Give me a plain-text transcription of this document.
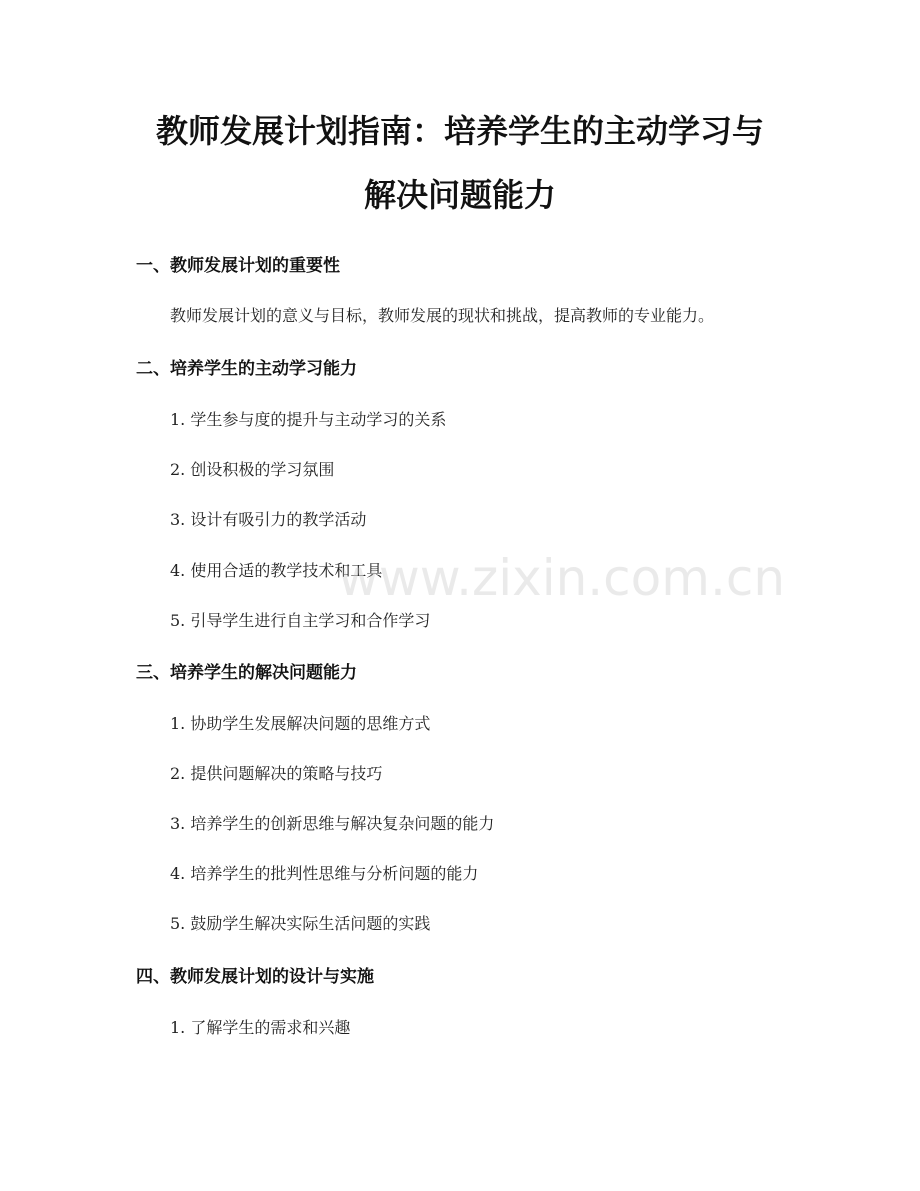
教师发展计划指南：培养学生的主动学习与
解决问题能力
一、教师发展计划的重要性

教师发展计划的意义与目标，教师发展的现状和挑战，提高教师的专业能力。

二、培养学生的主动学习能力

1. 学生参与度的提升与主动学习的关系

2. 创设积极的学习氛围

3. 设计有吸引力的教学活动

4. 使用合适的教学技术和工具

5. 引导学生进行自主学习和合作学习

三、培养学生的解决问题能力

1. 协助学生发展解决问题的思维方式

2. 提供问题解决的策略与技巧

3. 培养学生的创新思维与解决复杂问题的能力

4. 培养学生的批判性思维与分析问题的能力

5. 鼓励学生解决实际生活问题的实践

四、教师发展计划的设计与实施

1. 了解学生的需求和兴趣

www.zixin.com.cn
